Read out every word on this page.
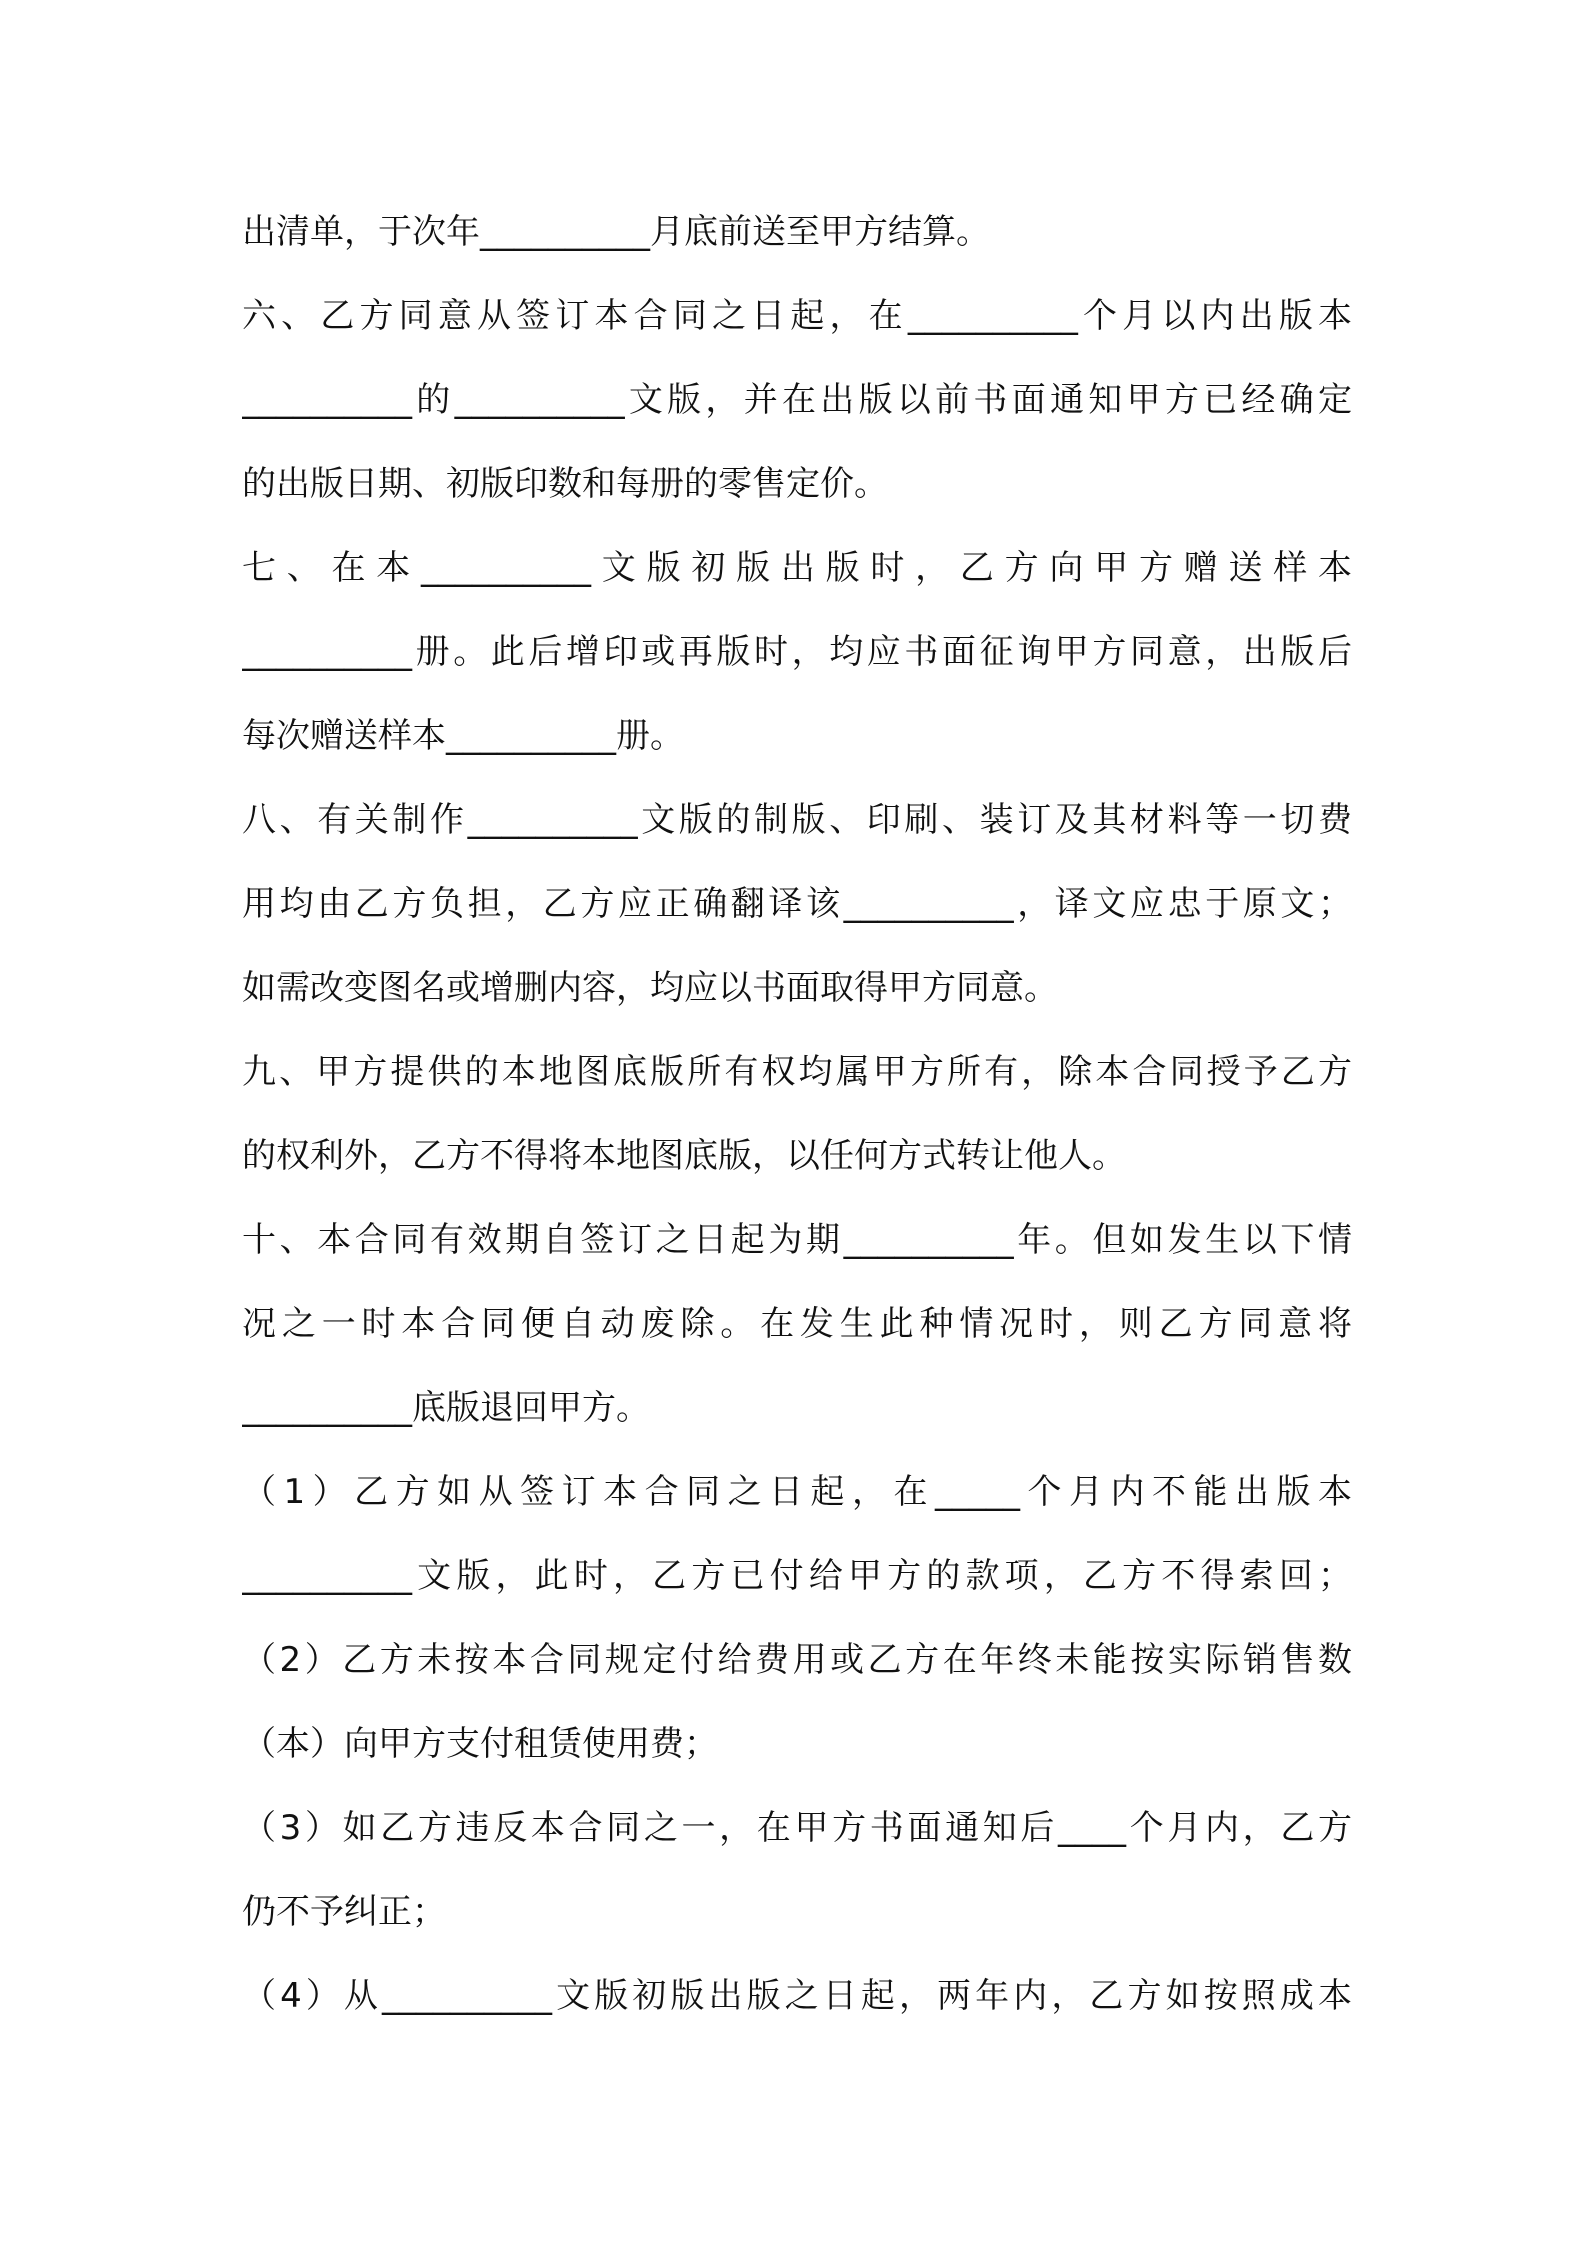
出清单，于次年__________月底前送至甲方结算。
六、乙方同意从签订本合同之日起，在__________个月以内出版本
__________的__________文版，并在出版以前书面通知甲方已经确定
的出版日期、初版印数和每册的零售定价。
七、在本__________文版初版出版时，乙方向甲方赠送样本
__________册。此后增印或再版时，均应书面征询甲方同意，出版后
每次赠送样本__________册。
八、有关制作__________文版的制版、印刷、装订及其材料等一切费
用均由乙方负担，乙方应正确翻译该__________，译文应忠于原文；
如需改变图名或增删内容，均应以书面取得甲方同意。
九、甲方提供的本地图底版所有权均属甲方所有，除本合同授予乙方
的权利外，乙方不得将本地图底版，以任何方式转让他人。
十、本合同有效期自签订之日起为期__________年。但如发生以下情
况之一时本合同便自动废除。在发生此种情况时，则乙方同意将
__________底版退回甲方。
（1）乙方如从签订本合同之日起，在_____个月内不能出版本
__________文版，此时，乙方已付给甲方的款项，乙方不得索回；
（2）乙方未按本合同规定付给费用或乙方在年终未能按实际销售数
（本）向甲方支付租赁使用费；
（3）如乙方违反本合同之一，在甲方书面通知后____个月内，乙方
仍不予纠正；
（4）从__________文版初版出版之日起，两年内，乙方如按照成本
